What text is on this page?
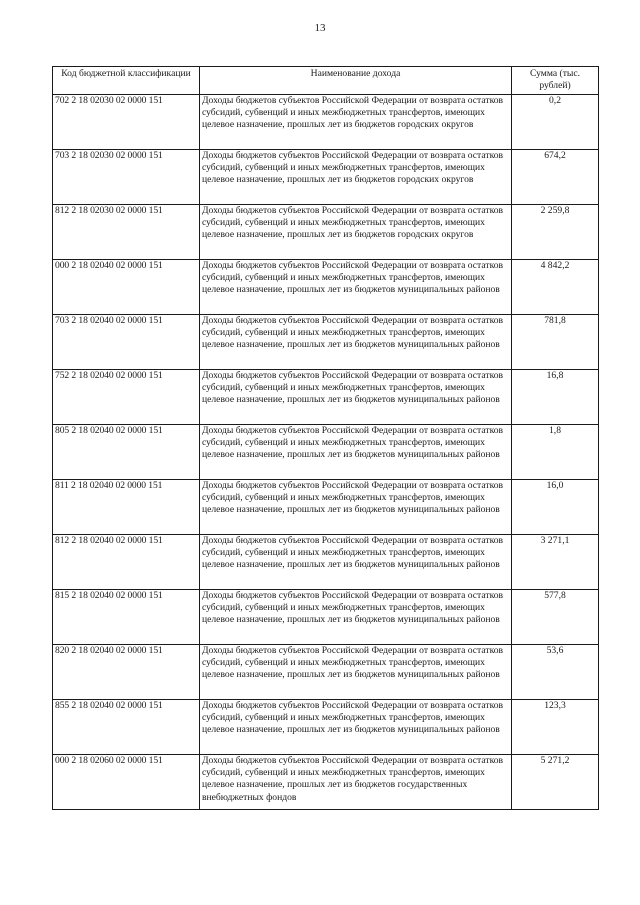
13
Код бюджетной классификации	Наименование дохода	Сумма (тыс. рублей)
702 2 18 02030 02 0000 151	Доходы бюджетов субъектов Российской Федерации от возврата остатков субсидий, субвенций и иных межбюджетных трансфертов, имеющих целевое назначение, прошлых лет из бюджетов городских округов	0,2
703 2 18 02030 02 0000 151	Доходы бюджетов субъектов Российской Федерации от возврата остатков субсидий, субвенций и иных межбюджетных трансфертов, имеющих целевое назначение, прошлых лет из бюджетов городских округов	674,2
812 2 18 02030 02 0000 151	Доходы бюджетов субъектов Российской Федерации от возврата остатков субсидий, субвенций и иных межбюджетных трансфертов, имеющих целевое назначение, прошлых лет из бюджетов городских округов	2 259,8
000 2 18 02040 02 0000 151	Доходы бюджетов субъектов Российской Федерации от возврата остатков субсидий, субвенций и иных межбюджетных трансфертов, имеющих целевое назначение, прошлых лет из бюджетов муниципальных районов	4 842,2
703 2 18 02040 02 0000 151	Доходы бюджетов субъектов Российской Федерации от возврата остатков субсидий, субвенций и иных межбюджетных трансфертов, имеющих целевое назначение, прошлых лет из бюджетов муниципальных районов	781,8
752 2 18 02040 02 0000 151	Доходы бюджетов субъектов Российской Федерации от возврата остатков субсидий, субвенций и иных межбюджетных трансфертов, имеющих целевое назначение, прошлых лет из бюджетов муниципальных районов	16,8
805 2 18 02040 02 0000 151	Доходы бюджетов субъектов Российской Федерации от возврата остатков субсидий, субвенций и иных межбюджетных трансфертов, имеющих целевое назначение, прошлых лет из бюджетов муниципальных районов	1,8
811 2 18 02040 02 0000 151	Доходы бюджетов субъектов Российской Федерации от возврата остатков субсидий, субвенций и иных межбюджетных трансфертов, имеющих целевое назначение, прошлых лет из бюджетов муниципальных районов	16,0
812 2 18 02040 02 0000 151	Доходы бюджетов субъектов Российской Федерации от возврата остатков субсидий, субвенций и иных межбюджетных трансфертов, имеющих целевое назначение, прошлых лет из бюджетов муниципальных районов	3 271,1
815 2 18 02040 02 0000 151	Доходы бюджетов субъектов Российской Федерации от возврата остатков субсидий, субвенций и иных межбюджетных трансфертов, имеющих целевое назначение, прошлых лет из бюджетов муниципальных районов	577,8
820 2 18 02040 02 0000 151	Доходы бюджетов субъектов Российской Федерации от возврата остатков субсидий, субвенций и иных межбюджетных трансфертов, имеющих целевое назначение, прошлых лет из бюджетов муниципальных районов	53,6
855 2 18 02040 02 0000 151	Доходы бюджетов субъектов Российской Федерации от возврата остатков субсидий, субвенций и иных межбюджетных трансфертов, имеющих целевое назначение, прошлых лет из бюджетов муниципальных районов	123,3
000 2 18 02060 02 0000 151	Доходы бюджетов субъектов Российской Федерации от возврата остатков субсидий, субвенций и иных межбюджетных трансфертов, имеющих целевое назначение, прошлых лет из бюджетов государственных внебюджетных фондов	5 271,2
